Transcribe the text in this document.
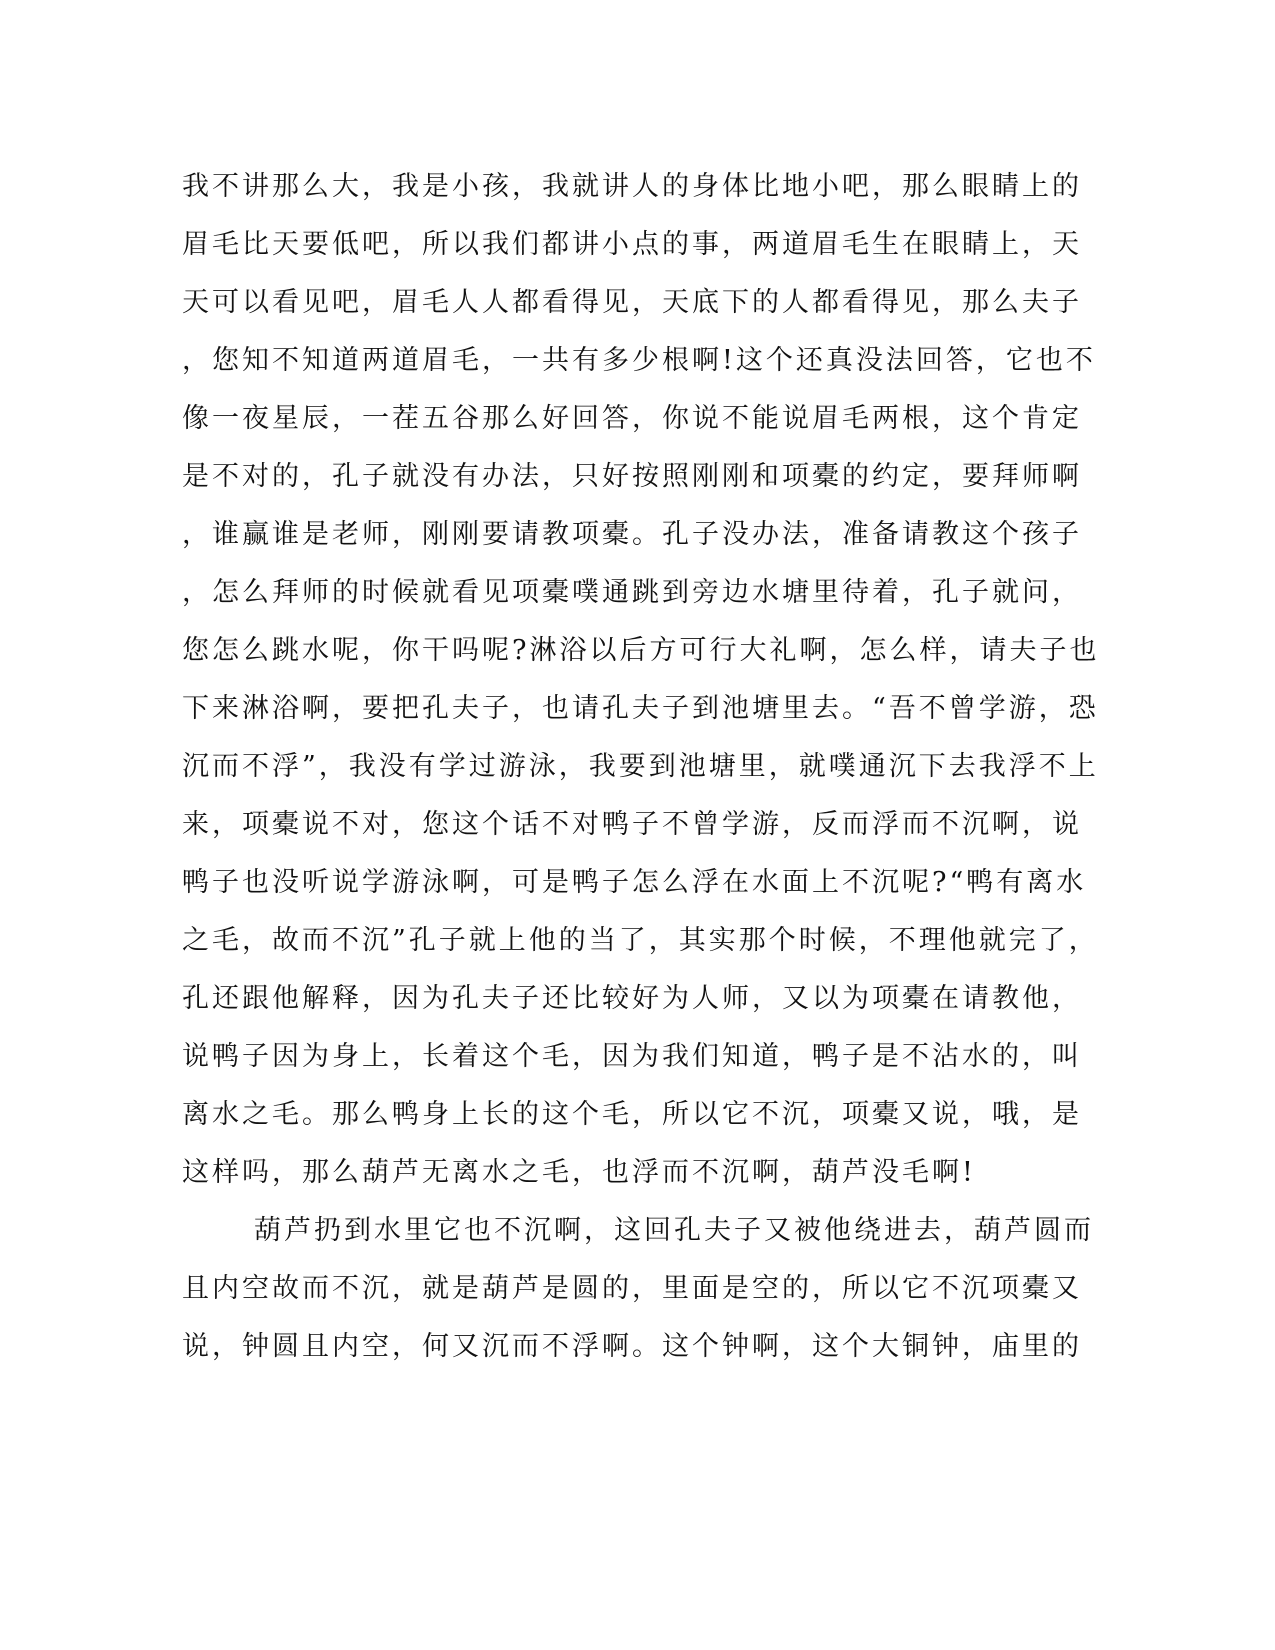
我不讲那么大，我是小孩，我就讲人的身体比地小吧，那么眼睛上的
眉毛比天要低吧，所以我们都讲小点的事，两道眉毛生在眼睛上，天
天可以看见吧，眉毛人人都看得见，天底下的人都看得见，那么夫子
，您知不知道两道眉毛，一共有多少根啊!这个还真没法回答，它也不
像一夜星辰，一茬五谷那么好回答，你说不能说眉毛两根，这个肯定
是不对的，孔子就没有办法，只好按照刚刚和项橐的约定，要拜师啊
，谁赢谁是老师，刚刚要请教项橐。孔子没办法，准备请教这个孩子
，怎么拜师的时候就看见项橐噗通跳到旁边水塘里待着，孔子就问，
您怎么跳水呢，你干吗呢?淋浴以后方可行大礼啊，怎么样，请夫子也
下来淋浴啊，要把孔夫子，也请孔夫子到池塘里去。“吾不曾学游，恐
沉而不浮”，我没有学过游泳，我要到池塘里，就噗通沉下去我浮不上
来，项橐说不对，您这个话不对鸭子不曾学游，反而浮而不沉啊，说
鸭子也没听说学游泳啊，可是鸭子怎么浮在水面上不沉呢?“鸭有离水
之毛，故而不沉”孔子就上他的当了，其实那个时候，不理他就完了，
孔还跟他解释，因为孔夫子还比较好为人师，又以为项橐在请教他，
说鸭子因为身上，长着这个毛，因为我们知道，鸭子是不沾水的，叫
离水之毛。那么鸭身上长的这个毛，所以它不沉，项橐又说，哦，是
这样吗，那么葫芦无离水之毛，也浮而不沉啊，葫芦没毛啊!
葫芦扔到水里它也不沉啊，这回孔夫子又被他绕进去，葫芦圆而
且内空故而不沉，就是葫芦是圆的，里面是空的，所以它不沉项橐又
说，钟圆且内空，何又沉而不浮啊。这个钟啊，这个大铜钟，庙里的
